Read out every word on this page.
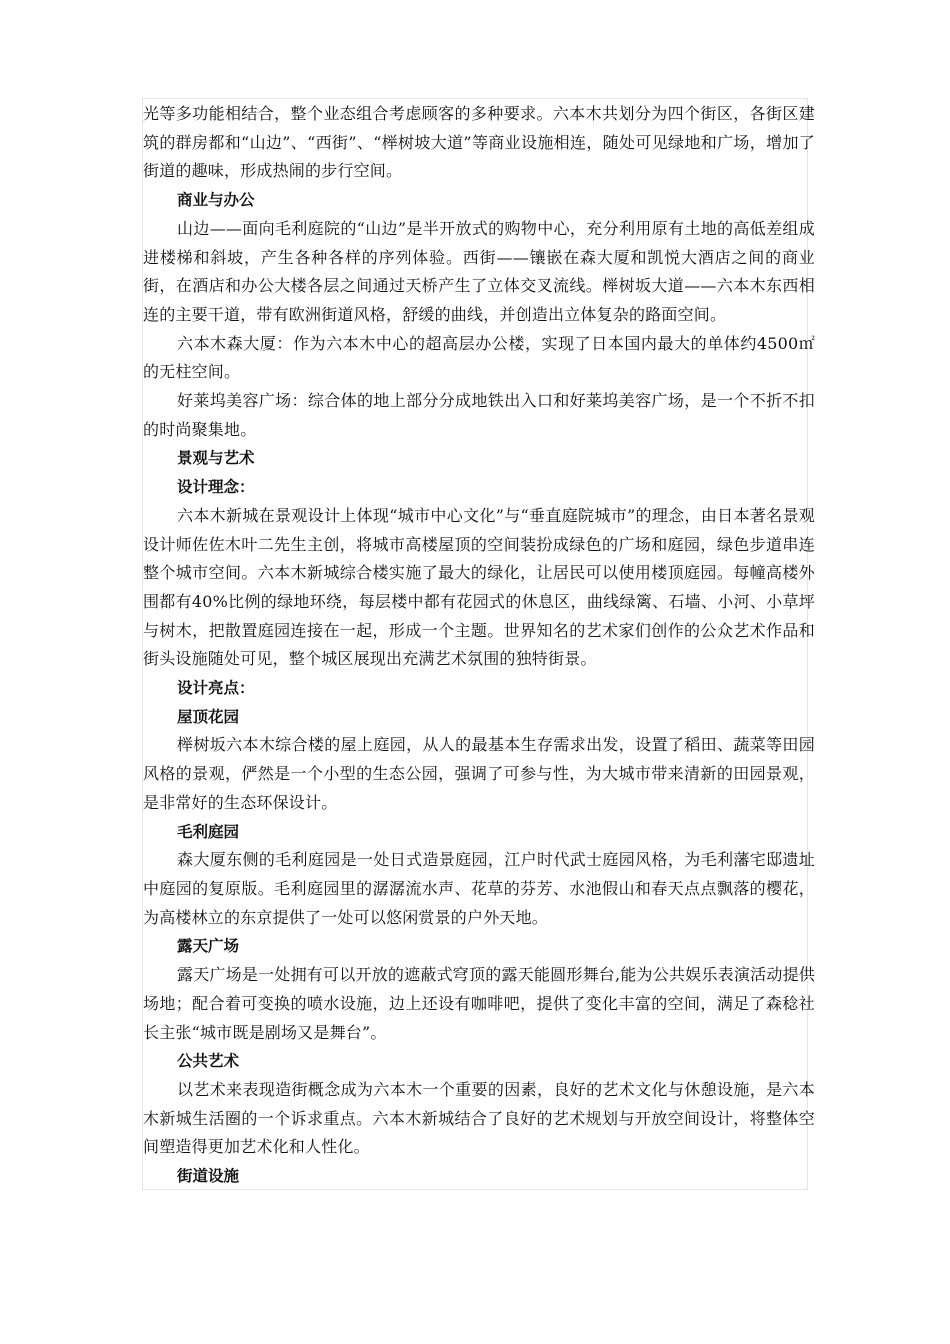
光等多功能相结合，整个业态组合考虑顾客的多种要求。六本木共划分为四个街区，各街区建筑的群房都和“山边”、“西街”、“榉树坡大道”等商业设施相连，随处可见绿地和广场，增加了街道的趣味，形成热闹的步行空间。

商业与办公

山边——面向毛利庭院的“山边”是半开放式的购物中心，充分利用原有土地的高低差组成进楼梯和斜坡，产生各种各样的序列体验。西街——镶嵌在森大厦和凯悦大酒店之间的商业街，在酒店和办公大楼各层之间通过天桥产生了立体交叉流线。榉树坂大道——六本木东西相连的主要干道，带有欧洲街道风格，舒缓的曲线，并创造出立体复杂的路面空间。

六本木森大厦：作为六本木中心的超高层办公楼，实现了日本国内最大的单体约4500㎡的无柱空间。

好莱坞美容广场：综合体的地上部分分成地铁出入口和好莱坞美容广场，是一个不折不扣的时尚聚集地。

景观与艺术
设计理念：

六本木新城在景观设计上体现“城市中心文化”与“垂直庭院城市”的理念，由日本著名景观设计师佐佐木叶二先生主创，将城市高楼屋顶的空间装扮成绿色的广场和庭园，绿色步道串连整个城市空间。六本木新城综合楼实施了最大的绿化，让居民可以使用楼顶庭园。每幢高楼外围都有40%比例的绿地环绕，每层楼中都有花园式的休息区，曲线绿篱、石墙、小河、小草坪与树木，把散置庭园连接在一起，形成一个主题。世界知名的艺术家们创作的公众艺术作品和街头设施随处可见，整个城区展现出充满艺术氛围的独特街景。

设计亮点：
屋顶花园

榉树坂六本木综合楼的屋上庭园，从人的最基本生存需求出发，设置了稻田、蔬菜等田园风格的景观，俨然是一个小型的生态公园，强调了可参与性，为大城市带来清新的田园景观，是非常好的生态环保设计。

毛利庭园

森大厦东侧的毛利庭园是一处日式造景庭园，江户时代武士庭园风格，为毛利藩宅邸遗址中庭园的复原版。毛利庭园里的潺潺流水声、花草的芬芳、水池假山和春天点点飘落的樱花，为高楼林立的东京提供了一处可以悠闲赏景的户外天地。

露天广场

露天广场是一处拥有可以开放的遮蔽式穹顶的露天能圆形舞台,能为公共娱乐表演活动提供场地；配合着可变换的喷水设施，边上还设有咖啡吧，提供了变化丰富的空间，满足了森稔社长主张“城市既是剧场又是舞台”。

公共艺术

以艺术来表现造街概念成为六本木一个重要的因素，良好的艺术文化与休憩设施，是六本木新城生活圈的一个诉求重点。六本木新城结合了良好的艺术规划与开放空间设计，将整体空间塑造得更加艺术化和人性化。

街道设施
